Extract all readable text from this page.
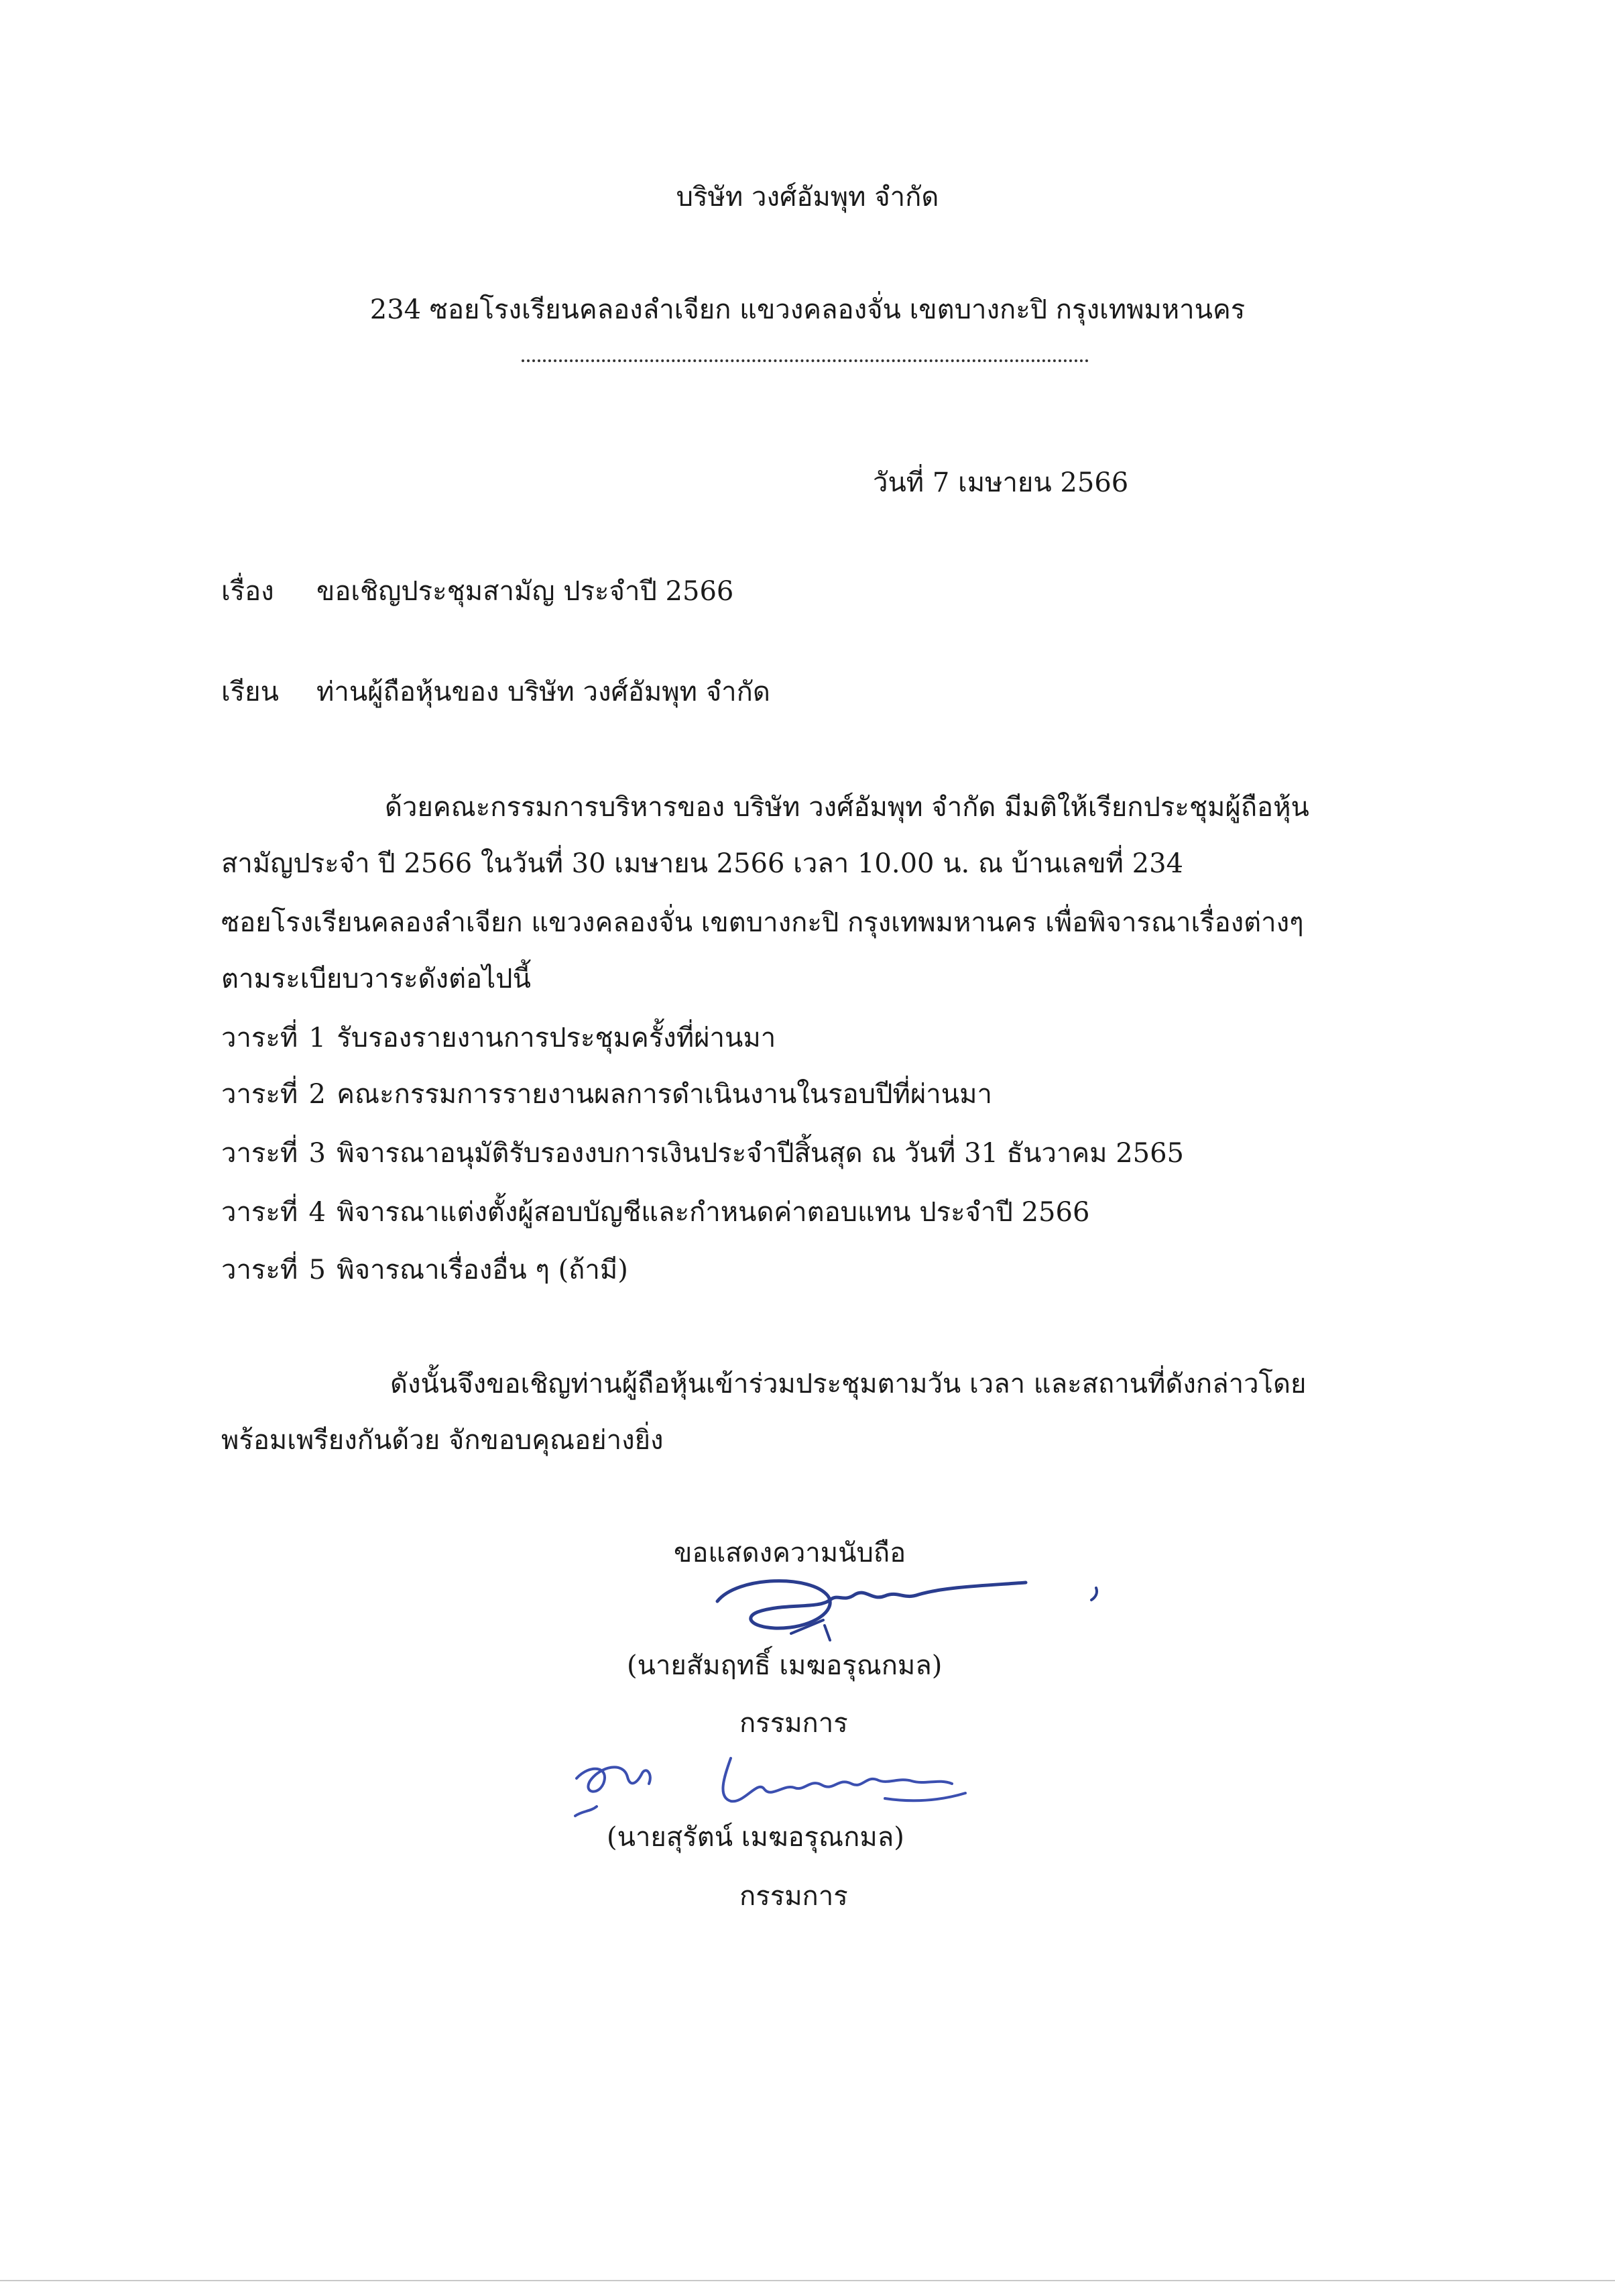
บริษัท วงศ์อัมพุท จำกัด
234 ซอยโรงเรียนคลองลำเจียก แขวงคลองจั่น เขตบางกะปิ กรุงเทพมหานคร
วันที่ 7 เมษายน 2566
เรื่อง ขอเชิญประชุมสามัญ ประจำปี 2566
เรียน ท่านผู้ถือหุ้นของ บริษัท วงศ์อัมพุท จำกัด
ด้วยคณะกรรมการบริหารของ บริษัท วงศ์อัมพุท จำกัด มีมติให้เรียกประชุมผู้ถือหุ้น
สามัญประจำ ปี 2566 ในวันที่ 30 เมษายน 2566 เวลา 10.00 น. ณ บ้านเลขที่ 234
ซอยโรงเรียนคลองลำเจียก แขวงคลองจั่น เขตบางกะปิ กรุงเทพมหานคร เพื่อพิจารณาเรื่องต่างๆ
ตามระเบียบวาระดังต่อไปนี้
วาระที่ 1 รับรองรายงานการประชุมครั้งที่ผ่านมา
วาระที่ 2 คณะกรรมการรายงานผลการดำเนินงานในรอบปีที่ผ่านมา
วาระที่ 3 พิจารณาอนุมัติรับรองงบการเงินประจำปีสิ้นสุด ณ วันที่ 31 ธันวาคม 2565
วาระที่ 4 พิจารณาแต่งตั้งผู้สอบบัญชีและกำหนดค่าตอบแทน ประจำปี 2566
วาระที่ 5 พิจารณาเรื่องอื่น ๆ (ถ้ามี)
ดังนั้นจึงขอเชิญท่านผู้ถือหุ้นเข้าร่วมประชุมตามวัน เวลา และสถานที่ดังกล่าวโดย
พร้อมเพรียงกันด้วย จักขอบคุณอย่างยิ่ง
ขอแสดงความนับถือ
(นายสัมฤทธิ์ เมฆอรุณกมล)
กรรมการ
(นายสุรัตน์ เมฆอรุณกมล)
กรรมการ
